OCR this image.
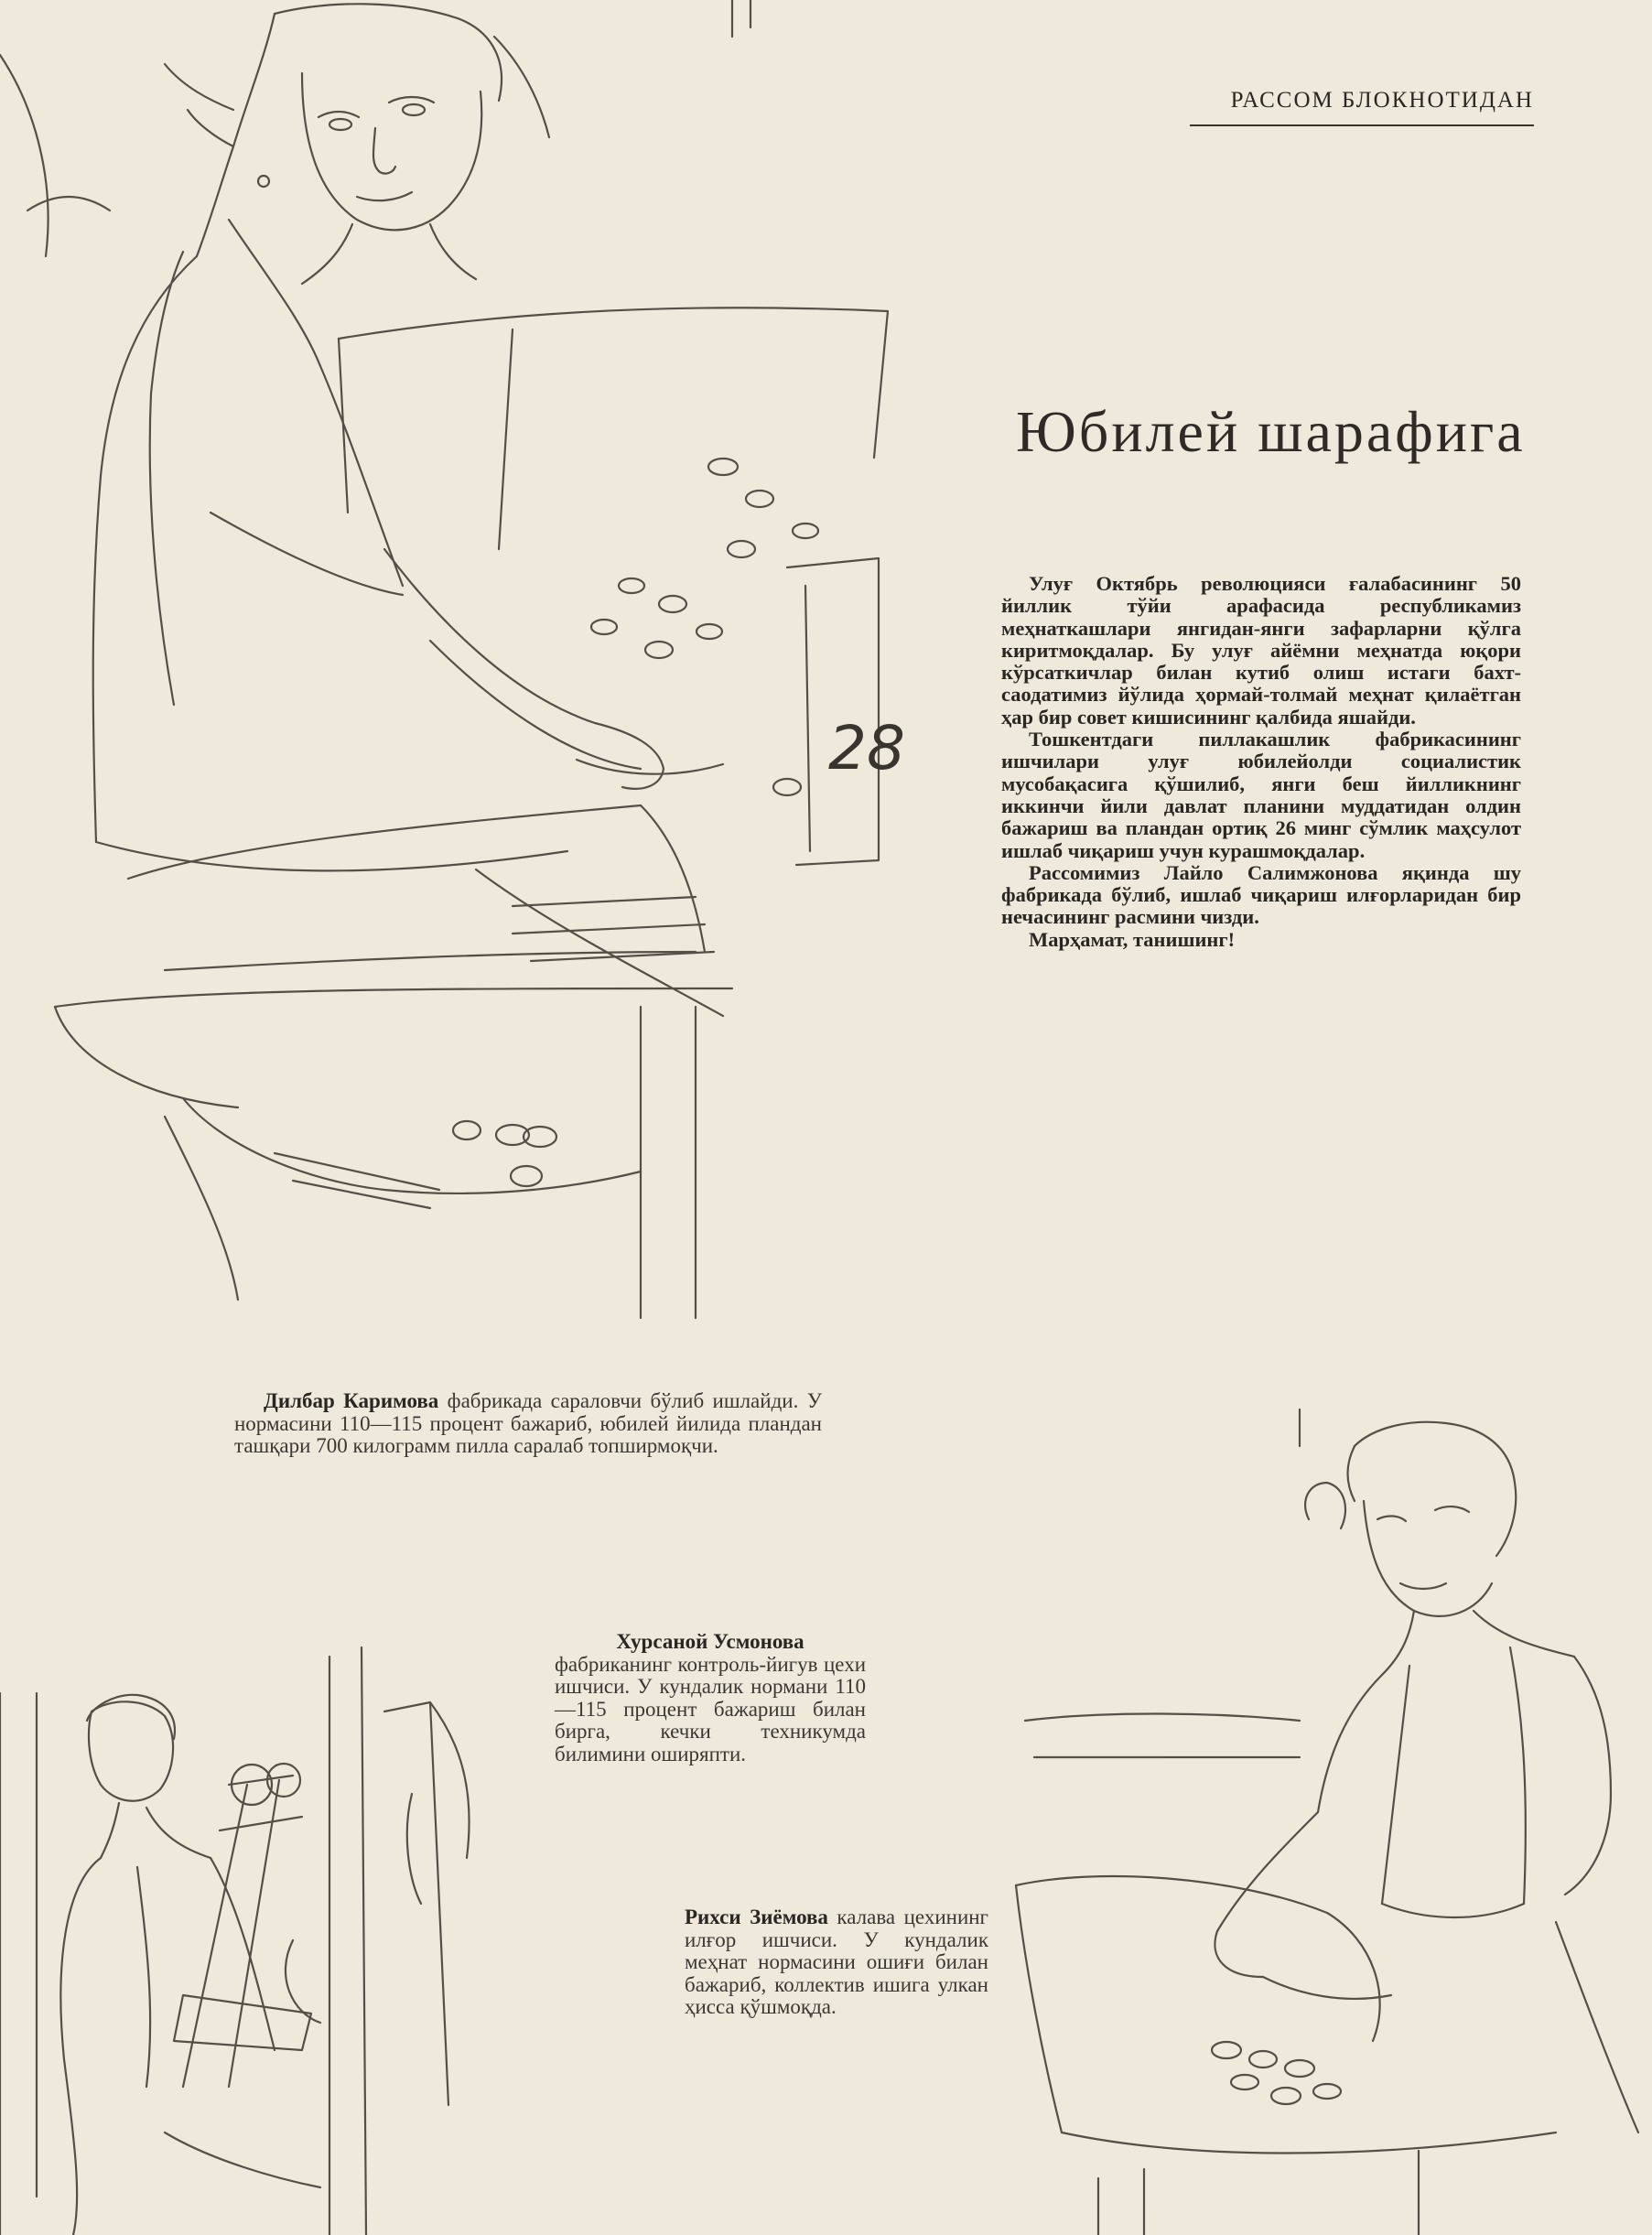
28
РАССОМ БЛОКНОТИДАН
Юбилей шарафига

Улуғ Октябрь революцияси ғалабасининг 50 йиллик тўйи арафасида республикамиз меҳнаткашлари янгидан-янги зафарларни қўлга киритмоқдалар. Бу улуғ айёмни меҳнатда юқори кўрсаткичлар билан кутиб олиш истаги бахт-саодатимиз йўлида ҳормай-толмай меҳнат қилаётган ҳар бир совет кишисининг қалбида яшайди.

Тошкентдаги пиллакашлик фабрикасининг ишчилари улуғ юбилейолди социалистик мусобақасига қўшилиб, янги беш йилликнинг иккинчи йили давлат планини муддатидан олдин бажариш ва пландан ортиқ 26 минг сўмлик маҳсулот ишлаб чиқариш учун курашмоқдалар.

Рассомимиз Лайло Салимжонова яқинда шу фабрикада бўлиб, ишлаб чиқариш илғорларидан бир нечасининг расмини чизди.

Марҳамат, танишинг!

Дилбар Каримова фабрикада сараловчи бўлиб ишлайди. У нормасини 110—115 процент бажариб, юбилей йилида пландан ташқари 700 килограмм пилла саралаб топширмоқчи.

Хурсаной Усмонова

фабриканинг контроль-йигув цехи ишчиси. У кундалик нормани 110—115 процент бажариш билан бирга, кечки техникумда билимини оширяпти.

Рихси Зиёмова калава цехининг илғор ишчиси. У кундалик меҳнат нормасини ошиғи билан бажариб, коллектив ишига улкан ҳисса қўшмоқда.
